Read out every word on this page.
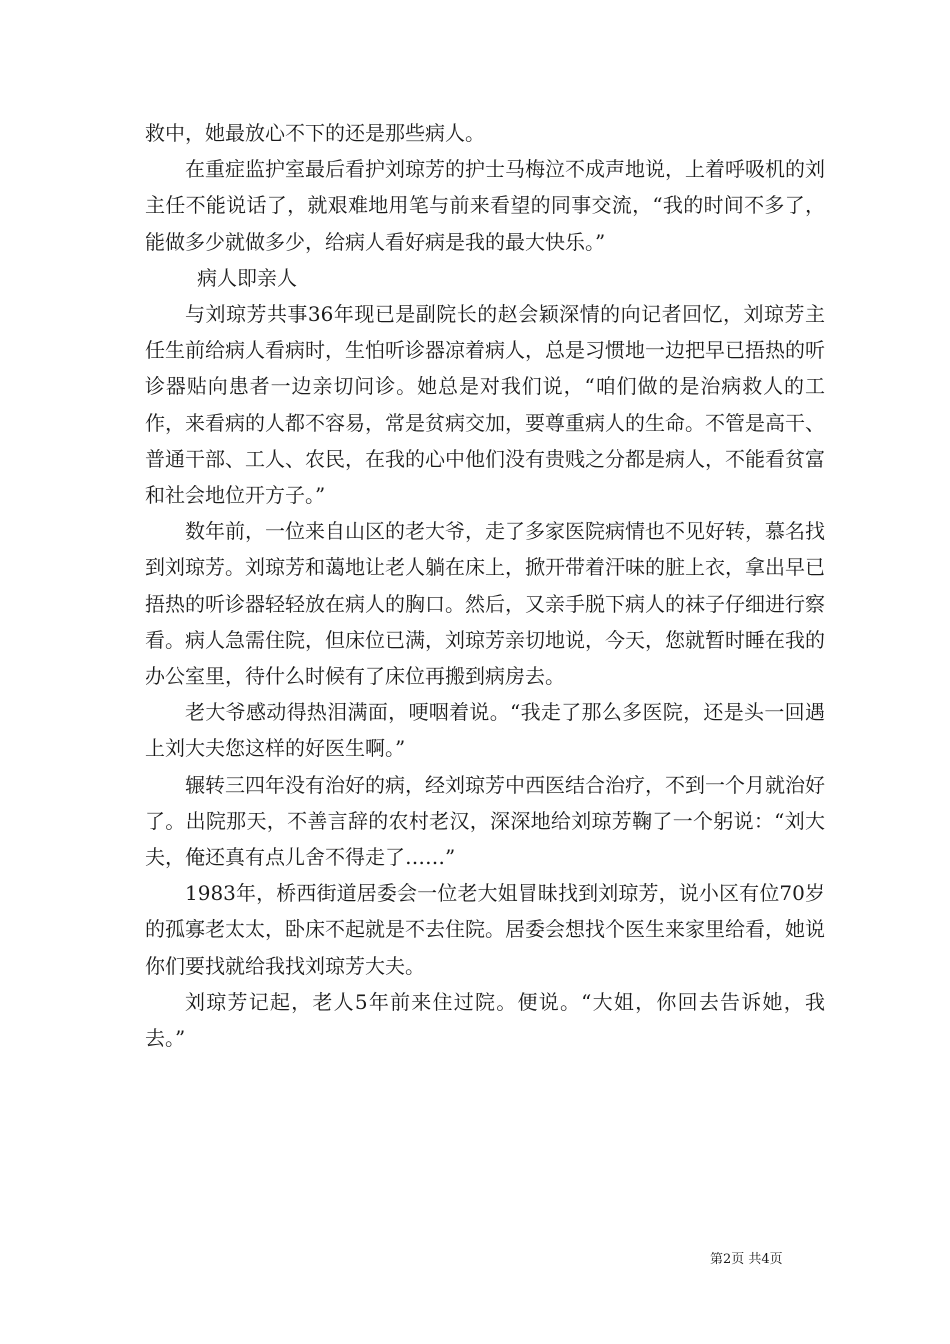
救中，她最放心不下的还是那些病人。

在重症监护室最后看护刘琼芳的护士马梅泣不成声地说，上着呼吸机的刘主任不能说话了，就艰难地用笔与前来看望的同事交流，“我的时间不多了，能做多少就做多少，给病人看好病是我的最大快乐。”

病人即亲人

与刘琼芳共事36年现已是副院长的赵会颖深情的向记者回忆，刘琼芳主任生前给病人看病时，生怕听诊器凉着病人，总是习惯地一边把早已捂热的听诊器贴向患者一边亲切问诊。她总是对我们说，“咱们做的是治病救人的工作，来看病的人都不容易，常是贫病交加，要尊重病人的生命。不管是高干、普通干部、工人、农民，在我的心中他们没有贵贱之分都是病人，不能看贫富和社会地位开方子。”

数年前，一位来自山区的老大爷，走了多家医院病情也不见好转，慕名找到刘琼芳。刘琼芳和蔼地让老人躺在床上，掀开带着汗味的脏上衣，拿出早已捂热的听诊器轻轻放在病人的胸口。然后，又亲手脱下病人的袜子仔细进行察看。病人急需住院，但床位已满，刘琼芳亲切地说，今天，您就暂时睡在我的办公室里，待什么时候有了床位再搬到病房去。

老大爷感动得热泪满面，哽咽着说。“我走了那么多医院，还是头一回遇上刘大夫您这样的好医生啊。”

辗转三四年没有治好的病，经刘琼芳中西医结合治疗，不到一个月就治好了。出院那天，不善言辞的农村老汉，深深地给刘琼芳鞠了一个躬说：“刘大夫，俺还真有点儿舍不得走了……”

1983年，桥西街道居委会一位老大姐冒昧找到刘琼芳，说小区有位70岁的孤寡老太太，卧床不起就是不去住院。居委会想找个医生来家里给看，她说你们要找就给我找刘琼芳大夫。

刘琼芳记起，老人5年前来住过院。便说。“大姐，你回去告诉她，我去。”

第2页 共4页
